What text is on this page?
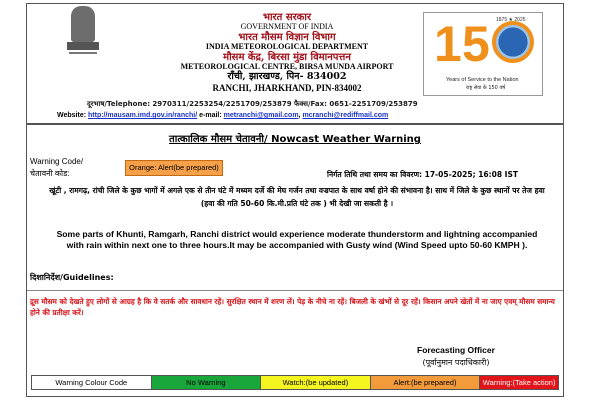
भारत सरकार
GOVERNMENT OF INDIA
भारत मौसम विज्ञान विभाग
INDIA METEOROLOGICAL DEPARTMENT
मौसम केंद्र, बिरसा मुंडा विमानपत्तन
METEOROLOGICAL CENTRE, BIRSA MUNDA AIRPORT
राँची, झारखण्ड, पिन- 834002
RANCHI, JHARKHAND, PIN-834002
1 5 1875 ★ 2025
Years of Service to the Nation
राष्ट्र सेवा के 150 वर्ष
दूरभाष/Telephone: 2970311/2253254/2251709/253879 फैक्स/Fax: 0651-2251709/253879
Website: http://mausam.imd.gov.in/ranchi/ e-mail: metranchi@gmail.com, mcranchi@rediffmail.com
तात्कालिक मौसम चेतावनी/ Nowcast Weather Warning
Warning Code/
चेतावनी कोड:
Orange: Alert(be prepared)
निर्गत तिथि तथा समय का विवरण: 17-05-2025; 16:08 IST
खूंटी , रामगढ़, रांची जिले के कुछ भागों में अगले एक से तीन घंटे में मध्यम दर्जे की मेघ गर्जन तथा वज्रपात के साथ वर्षा होने की संभावना है। साथ में जिले के कुछ स्थानों पर तेज हवा (हवा की गति 50-60 कि.मी.प्रति घंटे तक ) भी देखी जा सकती है ।
Some parts of Khunti, Ramgarh, Ranchi district would experience moderate thunderstorm and lightning accompanied with rain within next one to three hours.It may be accompanied with Gusty wind (Wind Speed upto 50-60 KMPH ).
दिशानिर्देश/Guidelines:
द्रूस मौसम को देखते हुए लोगों से आग्रह है कि वे सतर्क और सावधान रहें। सुरक्षित स्थान में शरण लें। पेड़ के नीचे ना रहें। बिजली के खंभों से दूर रहें। किसान अपने खेतों में ना जाए एवम् मौसम समान्य होने की प्रतीक्षा करें।
Forecasting Officer
(पूर्वानुमान पदाधिकारी)
Warning Colour Code	No Warning	Watch:(be updated)	Alert:(be prepared)	Warning:(Take action)
